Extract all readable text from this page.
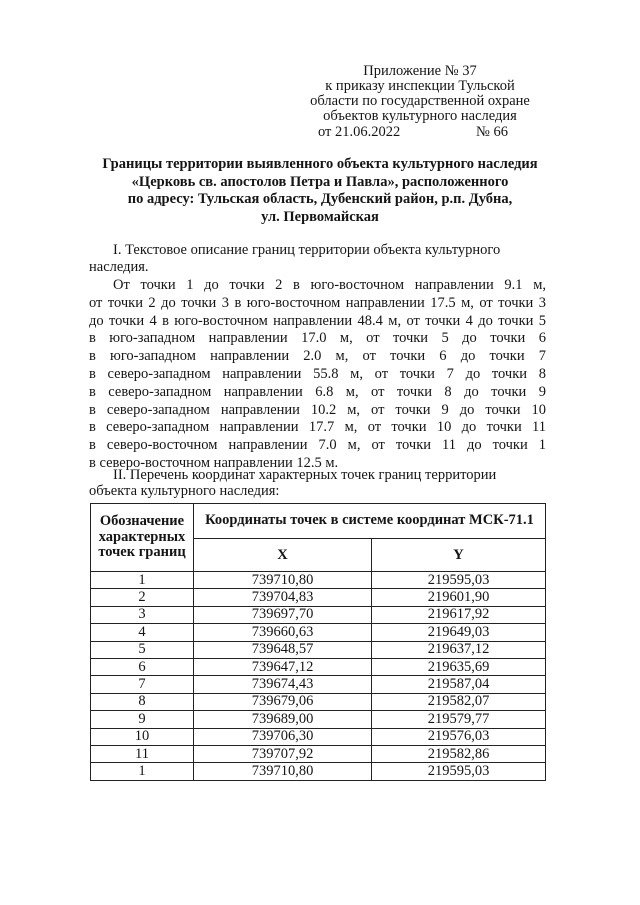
Приложение № 37
к приказу инспекции Тульской
области по государственной охране
объектов культурного наследия
от 21.06.2022	№ 66
Границы территории выявленного объекта культурного наследия
«Церковь св. апостолов Петра и Павла», расположенного
по адресу: Тульская область, Дубенский район, р.п. Дубна,
ул. Первомайская
I. Текстовое описание границ территории объекта культурного наследия.
От точки 1 до точки 2 в юго-восточном направлении 9.1 м,
от точки 2 до точки 3 в юго-восточном направлении 17.5 м, от точки 3
до точки 4 в юго-восточном направлении 48.4 м, от точки 4 до точки 5
в юго-западном направлении 17.0 м, от точки 5 до точки 6
в юго-западном направлении 2.0 м, от точки 6 до точки 7
в северо-западном направлении 55.8 м, от точки 7 до точки 8
в северо-западном направлении 6.8 м, от точки 8 до точки 9
в северо-западном направлении 10.2 м, от точки 9 до точки 10
в северо-западном направлении 17.7 м, от точки 10 до точки 11
в северо-восточном направлении 7.0 м, от точки 11 до точки 1
в северо-восточном направлении 12.5 м.
II. Перечень координат характерных точек границ территории объекта культурного наследия:
Обозначение характерных точек границ	Координаты точек в системе координат МСК-71.1	
	X	Y
1	739710,80	219595,03
2	739704,83	219601,90
3	739697,70	219617,92
4	739660,63	219649,03
5	739648,57	219637,12
6	739647,12	219635,69
7	739674,43	219587,04
8	739679,06	219582,07
9	739689,00	219579,77
10	739706,30	219576,03
11	739707,92	219582,86
1	739710,80	219595,03
